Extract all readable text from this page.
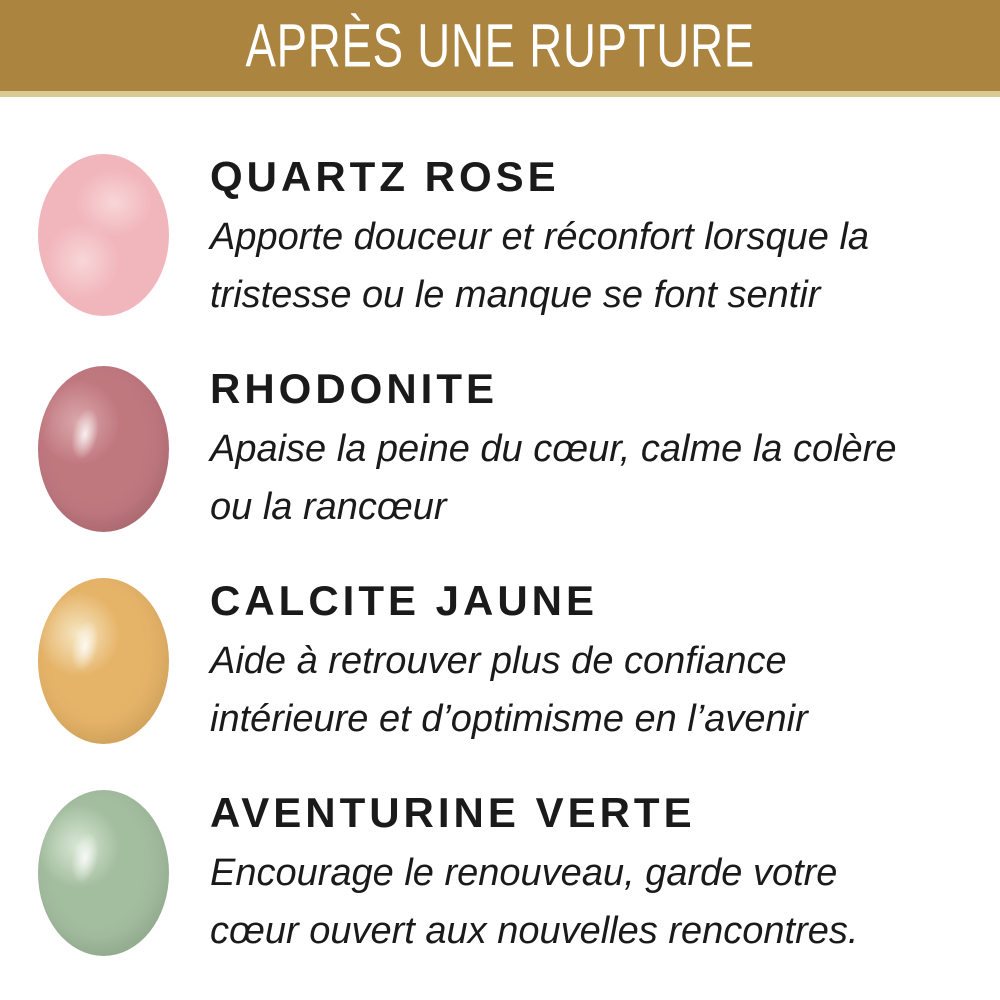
APRÈS UNE RUPTURE
QUARTZ ROSE
Apporte douceur et réconfort lorsque la
tristesse ou le manque se font sentir
RHODONITE
Apaise la peine du cœur, calme la colère
ou la rancœur
CALCITE JAUNE
Aide à retrouver plus de confiance
intérieure et d’optimisme en l’avenir
AVENTURINE VERTE
Encourage le renouveau, garde votre
cœur ouvert aux nouvelles rencontres.
